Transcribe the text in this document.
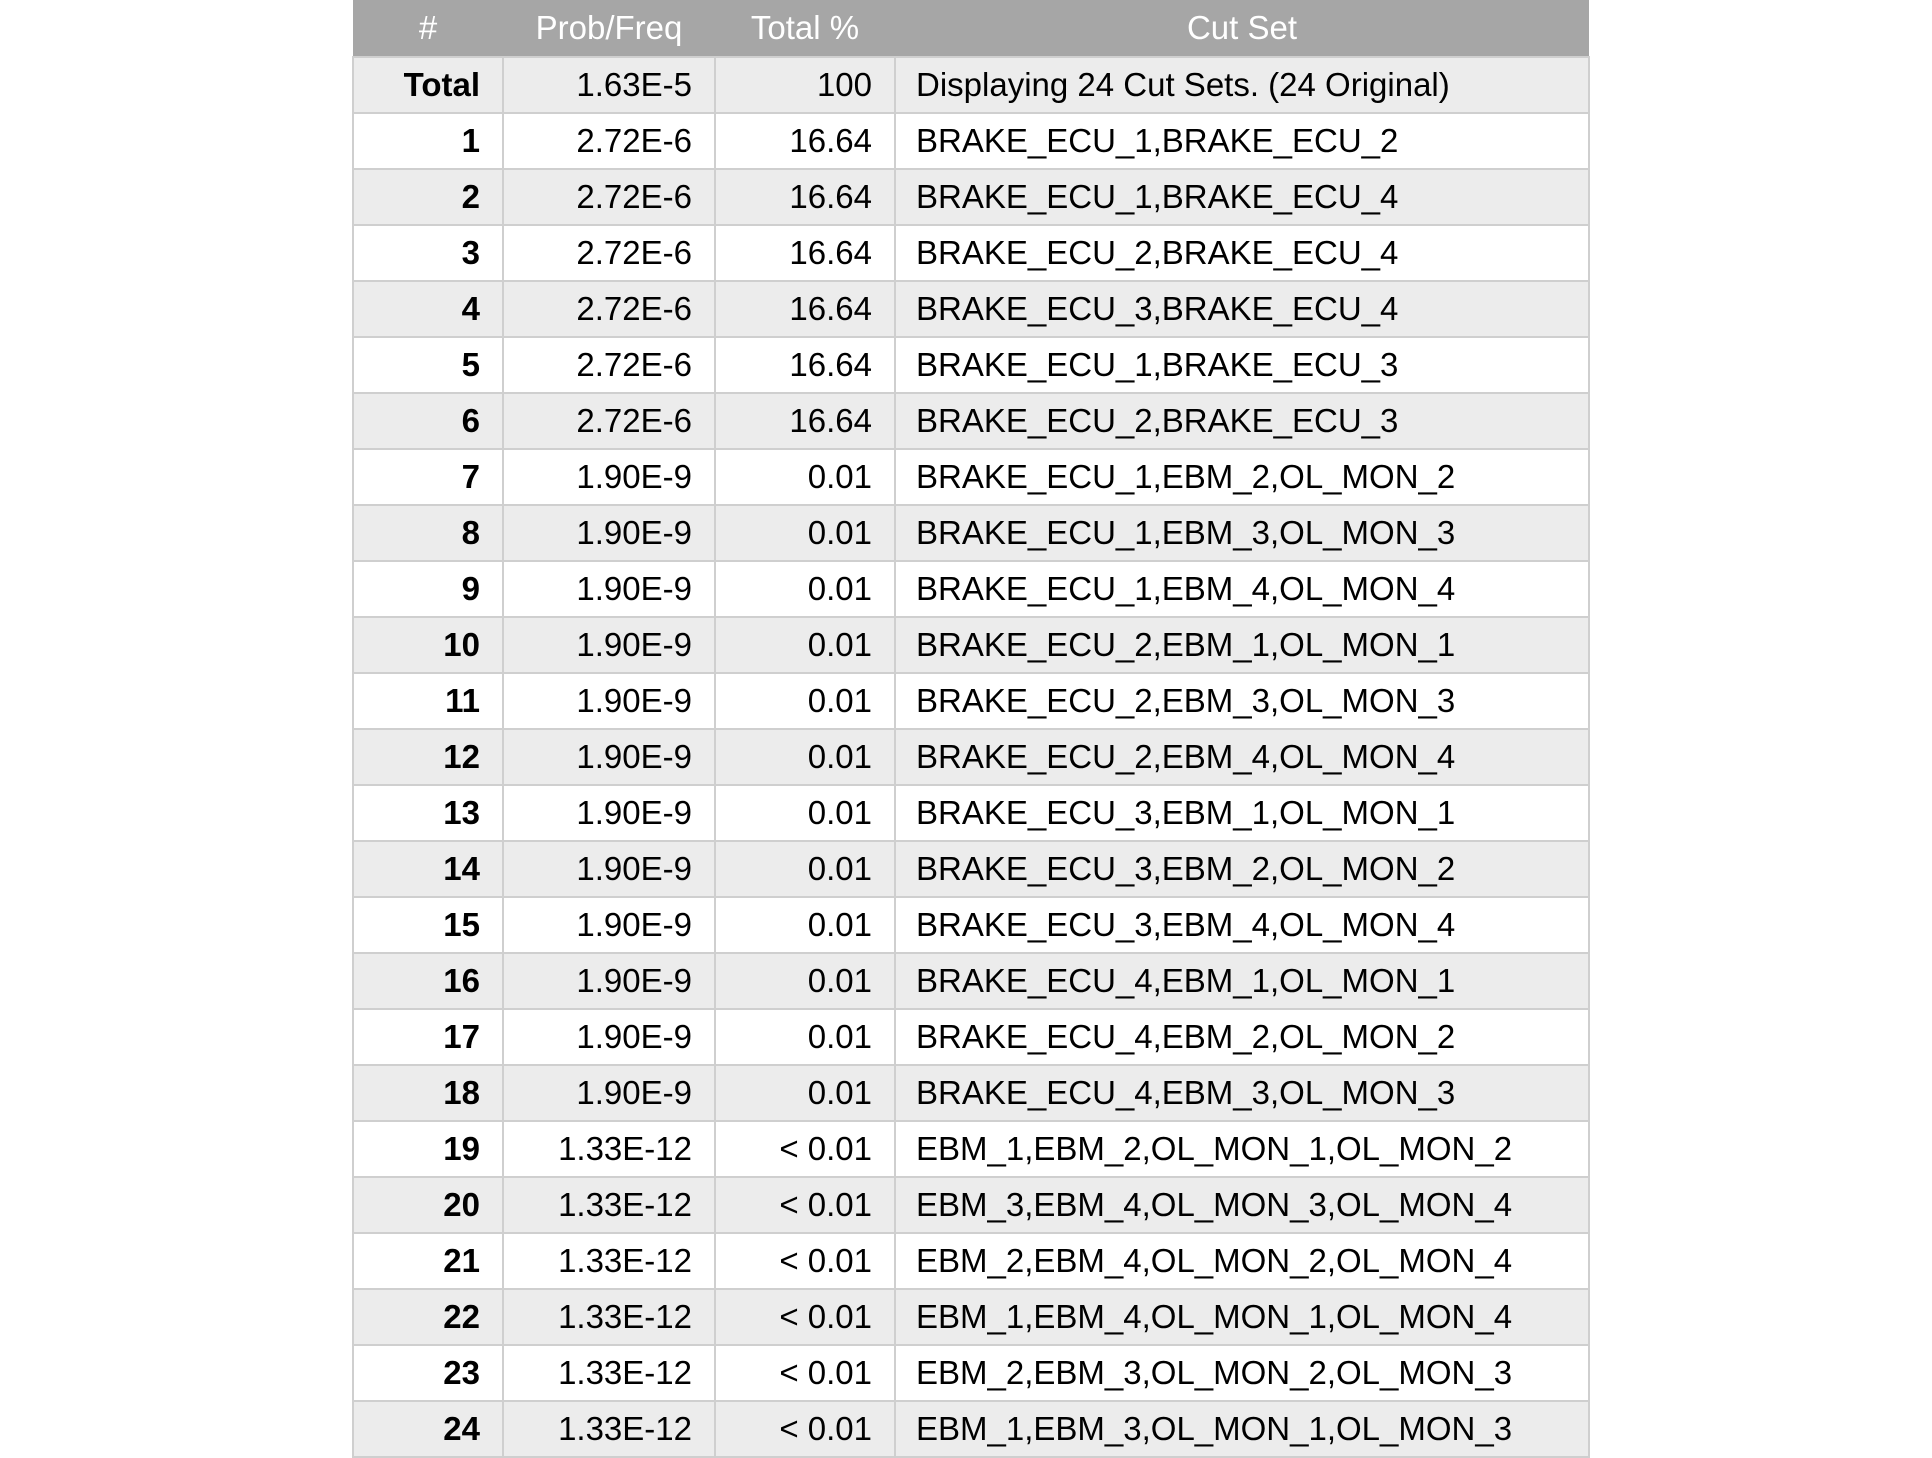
#	Prob/Freq	Total %	Cut Set
Total	1.63E-5	100	Displaying 24 Cut Sets. (24 Original)
1	2.72E-6	16.64	BRAKE_ECU_1,BRAKE_ECU_2
2	2.72E-6	16.64	BRAKE_ECU_1,BRAKE_ECU_4
3	2.72E-6	16.64	BRAKE_ECU_2,BRAKE_ECU_4
4	2.72E-6	16.64	BRAKE_ECU_3,BRAKE_ECU_4
5	2.72E-6	16.64	BRAKE_ECU_1,BRAKE_ECU_3
6	2.72E-6	16.64	BRAKE_ECU_2,BRAKE_ECU_3
7	1.90E-9	0.01	BRAKE_ECU_1,EBM_2,OL_MON_2
8	1.90E-9	0.01	BRAKE_ECU_1,EBM_3,OL_MON_3
9	1.90E-9	0.01	BRAKE_ECU_1,EBM_4,OL_MON_4
10	1.90E-9	0.01	BRAKE_ECU_2,EBM_1,OL_MON_1
11	1.90E-9	0.01	BRAKE_ECU_2,EBM_3,OL_MON_3
12	1.90E-9	0.01	BRAKE_ECU_2,EBM_4,OL_MON_4
13	1.90E-9	0.01	BRAKE_ECU_3,EBM_1,OL_MON_1
14	1.90E-9	0.01	BRAKE_ECU_3,EBM_2,OL_MON_2
15	1.90E-9	0.01	BRAKE_ECU_3,EBM_4,OL_MON_4
16	1.90E-9	0.01	BRAKE_ECU_4,EBM_1,OL_MON_1
17	1.90E-9	0.01	BRAKE_ECU_4,EBM_2,OL_MON_2
18	1.90E-9	0.01	BRAKE_ECU_4,EBM_3,OL_MON_3
19	1.33E-12	< 0.01	EBM_1,EBM_2,OL_MON_1,OL_MON_2
20	1.33E-12	< 0.01	EBM_3,EBM_4,OL_MON_3,OL_MON_4
21	1.33E-12	< 0.01	EBM_2,EBM_4,OL_MON_2,OL_MON_4
22	1.33E-12	< 0.01	EBM_1,EBM_4,OL_MON_1,OL_MON_4
23	1.33E-12	< 0.01	EBM_2,EBM_3,OL_MON_2,OL_MON_3
24	1.33E-12	< 0.01	EBM_1,EBM_3,OL_MON_1,OL_MON_3
